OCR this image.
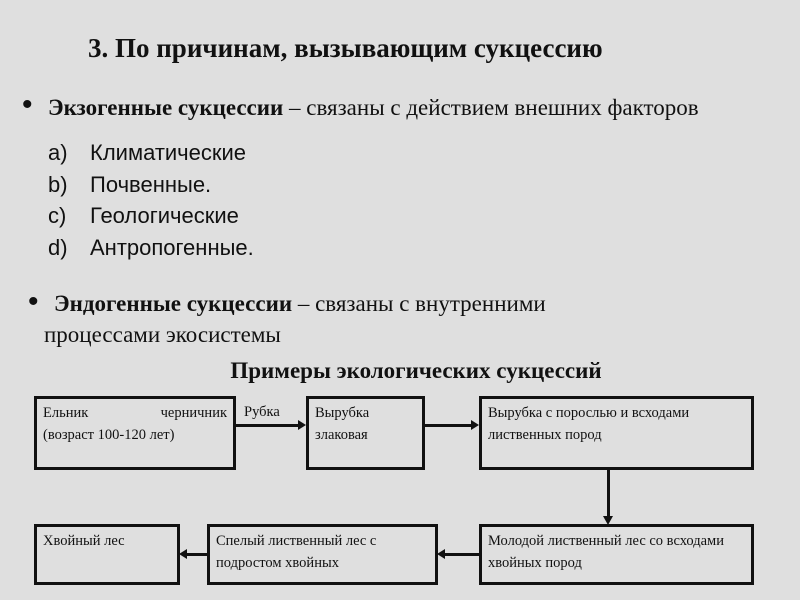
3. По причинам, вызывающим сукцессию
• Экзогенные сукцессии – связаны с действием внешних факторов
a) Климатические
b) Почвенные.
c) Геологические
d) Антропогенные.
• Эндогенные сукцессии – связаны с внутренними
процессами экосистемы
Примеры экологических сукцессий
Рубка
Ельник	черничник
(возраст 100-120 лет)
Вырубка злаковая
Вырубка с порослью и всходами лиственных пород
Молодой лиственный лес со всходами хвойных пород
Спелый лиственный лес с подростом хвойных
Хвойный лес
